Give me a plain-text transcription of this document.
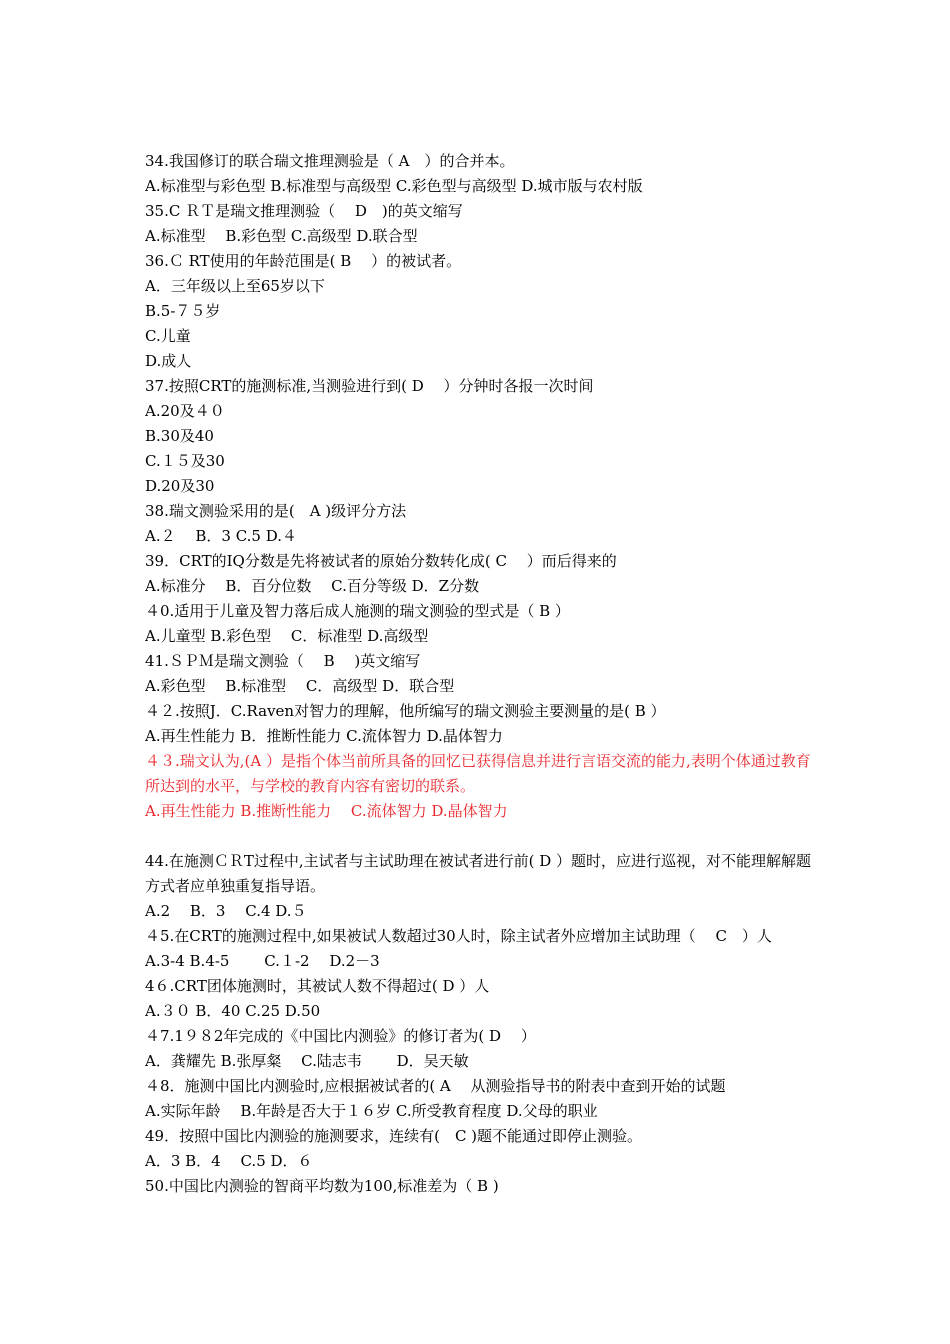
34.我国修订的联合瑞文推理测验是（ A　）的合并本。
A.标准型与彩色型 B.标准型与高级型 C.彩色型与高级型 D.城市版与农村版
35.C ＲＴ是瑞文推理测验（　 D　)的英文缩写
A.标准型　 B.彩色型 C.高级型 D.联合型
36.Ｃ RT使用的年龄范围是( B　 ）的被试者。
A．三年级以上至65岁以下
B.5-７５岁
C.儿童
D.成人
37.按照CRT的施测标准,当测验进行到( D　 ）分钟时各报一次时间
A.20及４０
B.30及40
C.１５及30
D.20及30
38.瑞文测验采用的是(　A )级评分方法
A.２　 B．3 C.5 D.４
39．CRT的IQ分数是先将被试者的原始分数转化成( C　 ）而后得来的
A.标准分　 B．百分位数　 C.百分等级 D．Z分数
４0.适用于儿童及智力落后成人施测的瑞文测验的型式是（ B ）
A.儿童型 B.彩色型　 C．标准型 D.高级型
41.ＳＰＭ是瑞文测验（　 B　 )英文缩写
A.彩色型　 B.标准型　 C．高级型 D．联合型
４２.按照J．C.Raven对智力的理解，他所编写的瑞文测验主要测量的是( B ）
A.再生性能力 B．推断性能力 C.流体智力 D.晶体智力
４３.瑞文认为,(A ）是指个体当前所具备的回忆已获得信息并进行言语交流的能力,表明个体通过教育所达到的水平，与学校的教育内容有密切的联系。
A.再生性能力 B.推断性能力　 C.流体智力 D.晶体智力
44.在施测ＣＲT过程中,主试者与主试助理在被试者进行前( D ）题时，应进行巡视，对不能理解解题方式者应单独重复指导语。
A.2　 B．3　 C.4 D.５
４5.在CRT的施测过程中,如果被试人数超过30人时，除主试者外应增加主试助理（　 C　）人
A.3-4 B.4-5　　 C.１-2　 D.2－3
4６.CRT团体施测时，其被试人数不得超过( D ）人
A.３０ B．40 C.25 D.50
４7.1９８2年完成的《中国比内测验》的修订者为( D　 ）
A．龚耀先 B.张厚粲　 C.陆志韦　　 D．吴天敏
４8．施测中国比内测验时,应根据被试者的( A　 从测验指导书的附表中查到开始的试题
A.实际年龄　 B.年龄是否大于１６岁 C.所受教育程度 D.父母的职业
49．按照中国比内测验的施测要求，连续有(　C )题不能通过即停止测验。
A．3 B．4　 C.5 D．６
50.中国比内测验的智商平均数为100,标准差为（ B )
